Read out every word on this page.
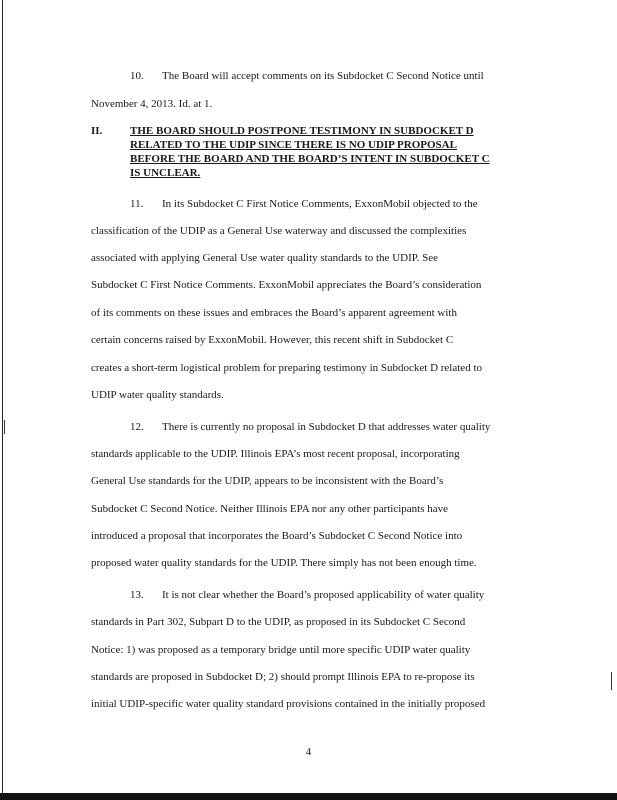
10. The Board will accept comments on its Subdocket C Second Notice until
November 4, 2013. Id. at 1.
II.	THE BOARD SHOULD POSTPONE TESTIMONY IN SUBDOCKET D
RELATED TO THE UDIP SINCE THERE IS NO UDIP PROPOSAL
BEFORE THE BOARD AND THE BOARD’S INTENT IN SUBDOCKET C
IS UNCLEAR.
11. In its Subdocket C First Notice Comments, ExxonMobil objected to the
classification of the UDIP as a General Use waterway and discussed the complexities
associated with applying General Use water quality standards to the UDIP. See
Subdocket C First Notice Comments. ExxonMobil appreciates the Board’s consideration
of its comments on these issues and embraces the Board’s apparent agreement with
certain concerns raised by ExxonMobil. However, this recent shift in Subdocket C
creates a short-term logistical problem for preparing testimony in Subdocket D related to
UDIP water quality standards.
12. There is currently no proposal in Subdocket D that addresses water quality
standards applicable to the UDIP. Illinois EPA’s most recent proposal, incorporating
General Use standards for the UDIP, appears to be inconsistent with the Board’s
Subdocket C Second Notice. Neither Illinois EPA nor any other participants have
introduced a proposal that incorporates the Board’s Subdocket C Second Notice into
proposed water quality standards for the UDIP. There simply has not been enough time.
13. It is not clear whether the Board’s proposed applicability of water quality
standards in Part 302, Subpart D to the UDIP, as proposed in its Subdocket C Second
Notice: 1) was proposed as a temporary bridge until more specific UDIP water quality
standards are proposed in Subdocket D; 2) should prompt Illinois EPA to re-propose its
initial UDIP-specific water quality standard provisions contained in the initially proposed
4
